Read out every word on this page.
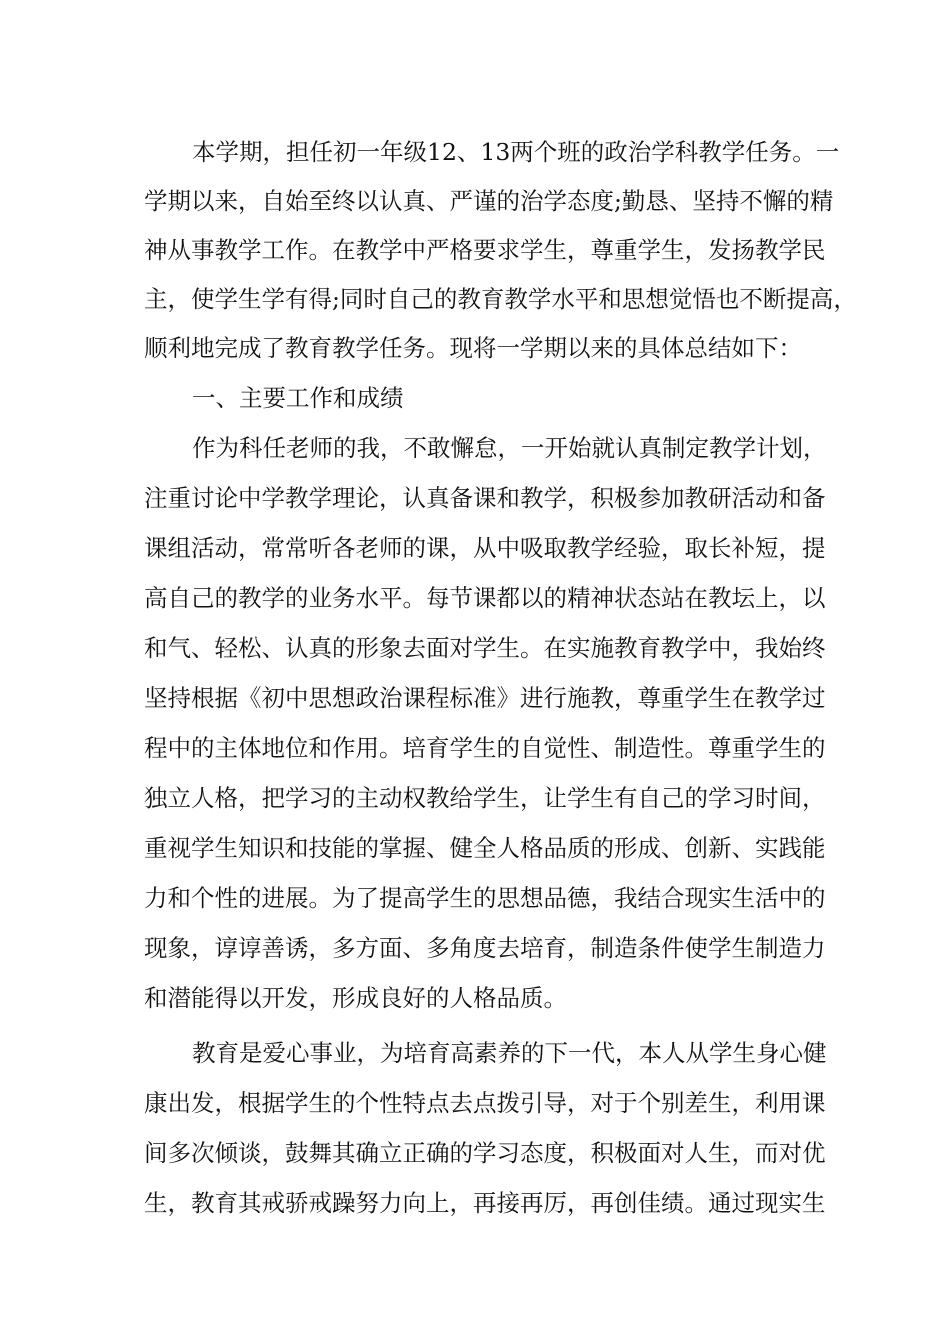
本学期，担任初一年级12、13两个班的政治学科教学任务。一
学期以来，自始至终以认真、严谨的治学态度;勤恳、坚持不懈的精
神从事教学工作。在教学中严格要求学生，尊重学生，发扬教学民
主，使学生学有得;同时自己的教育教学水平和思想觉悟也不断提高，
顺利地完成了教育教学任务。现将一学期以来的具体总结如下：
一、主要工作和成绩
作为科任老师的我，不敢懈怠，一开始就认真制定教学计划，
注重讨论中学教学理论，认真备课和教学，积极参加教研活动和备
课组活动，常常听各老师的课，从中吸取教学经验，取长补短，提
高自己的教学的业务水平。每节课都以的精神状态站在教坛上，以
和气、轻松、认真的形象去面对学生。在实施教育教学中，我始终
坚持根据《初中思想政治课程标准》进行施教，尊重学生在教学过
程中的主体地位和作用。培育学生的自觉性、制造性。尊重学生的
独立人格，把学习的主动权教给学生，让学生有自己的学习时间，
重视学生知识和技能的掌握、健全人格品质的形成、创新、实践能
力和个性的进展。为了提高学生的思想品德，我结合现实生活中的
现象，谆谆善诱，多方面、多角度去培育，制造条件使学生制造力
和潜能得以开发，形成良好的人格品质。
教育是爱心事业，为培育高素养的下一代，本人从学生身心健
康出发，根据学生的个性特点去点拨引导，对于个别差生，利用课
间多次倾谈，鼓舞其确立正确的学习态度，积极面对人生，而对优
生，教育其戒骄戒躁努力向上，再接再厉，再创佳绩。通过现实生
